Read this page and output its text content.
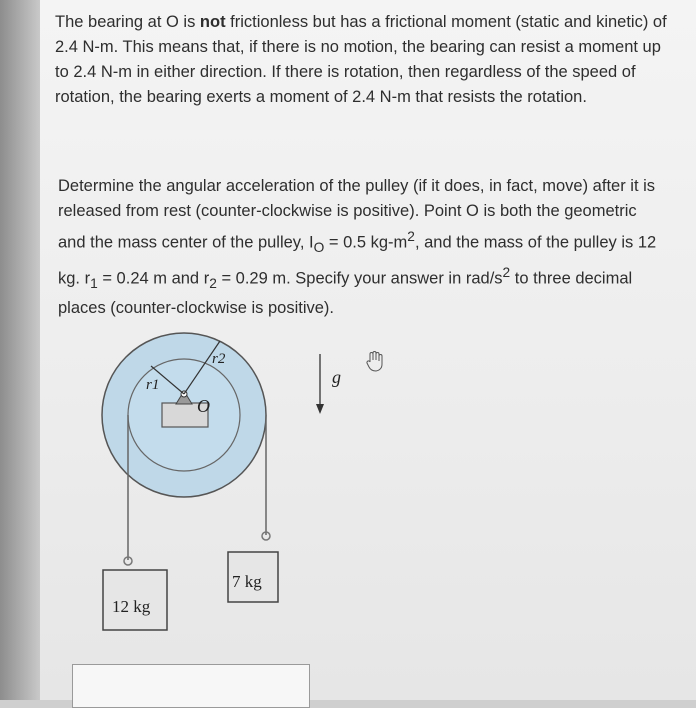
The bearing at O is not frictionless but has a frictional moment (static and kinetic) of 2.4 N-m. This means that, if there is no motion, the bearing can resist a moment up to 2.4 N-m in either direction. If there is rotation, then regardless of the speed of rotation, the bearing exerts a moment of 2.4 N-m that resists the rotation.

Determine the angular acceleration of the pulley (if it does, in fact, move) after it is released from rest (counter-clockwise is positive). Point O is both the geometric and the mass center of the pulley, $I_O = 0.5$ $kg-m^2$, and the mass of the pulley is 12 kg. $r_1 = 0.24$ m and $r_2 = 0.29$ m. Specify your answer in rad/$s^2$ to three decimal places (counter-clockwise is positive).

r1
r2
O
12 kg
7 kg
g
